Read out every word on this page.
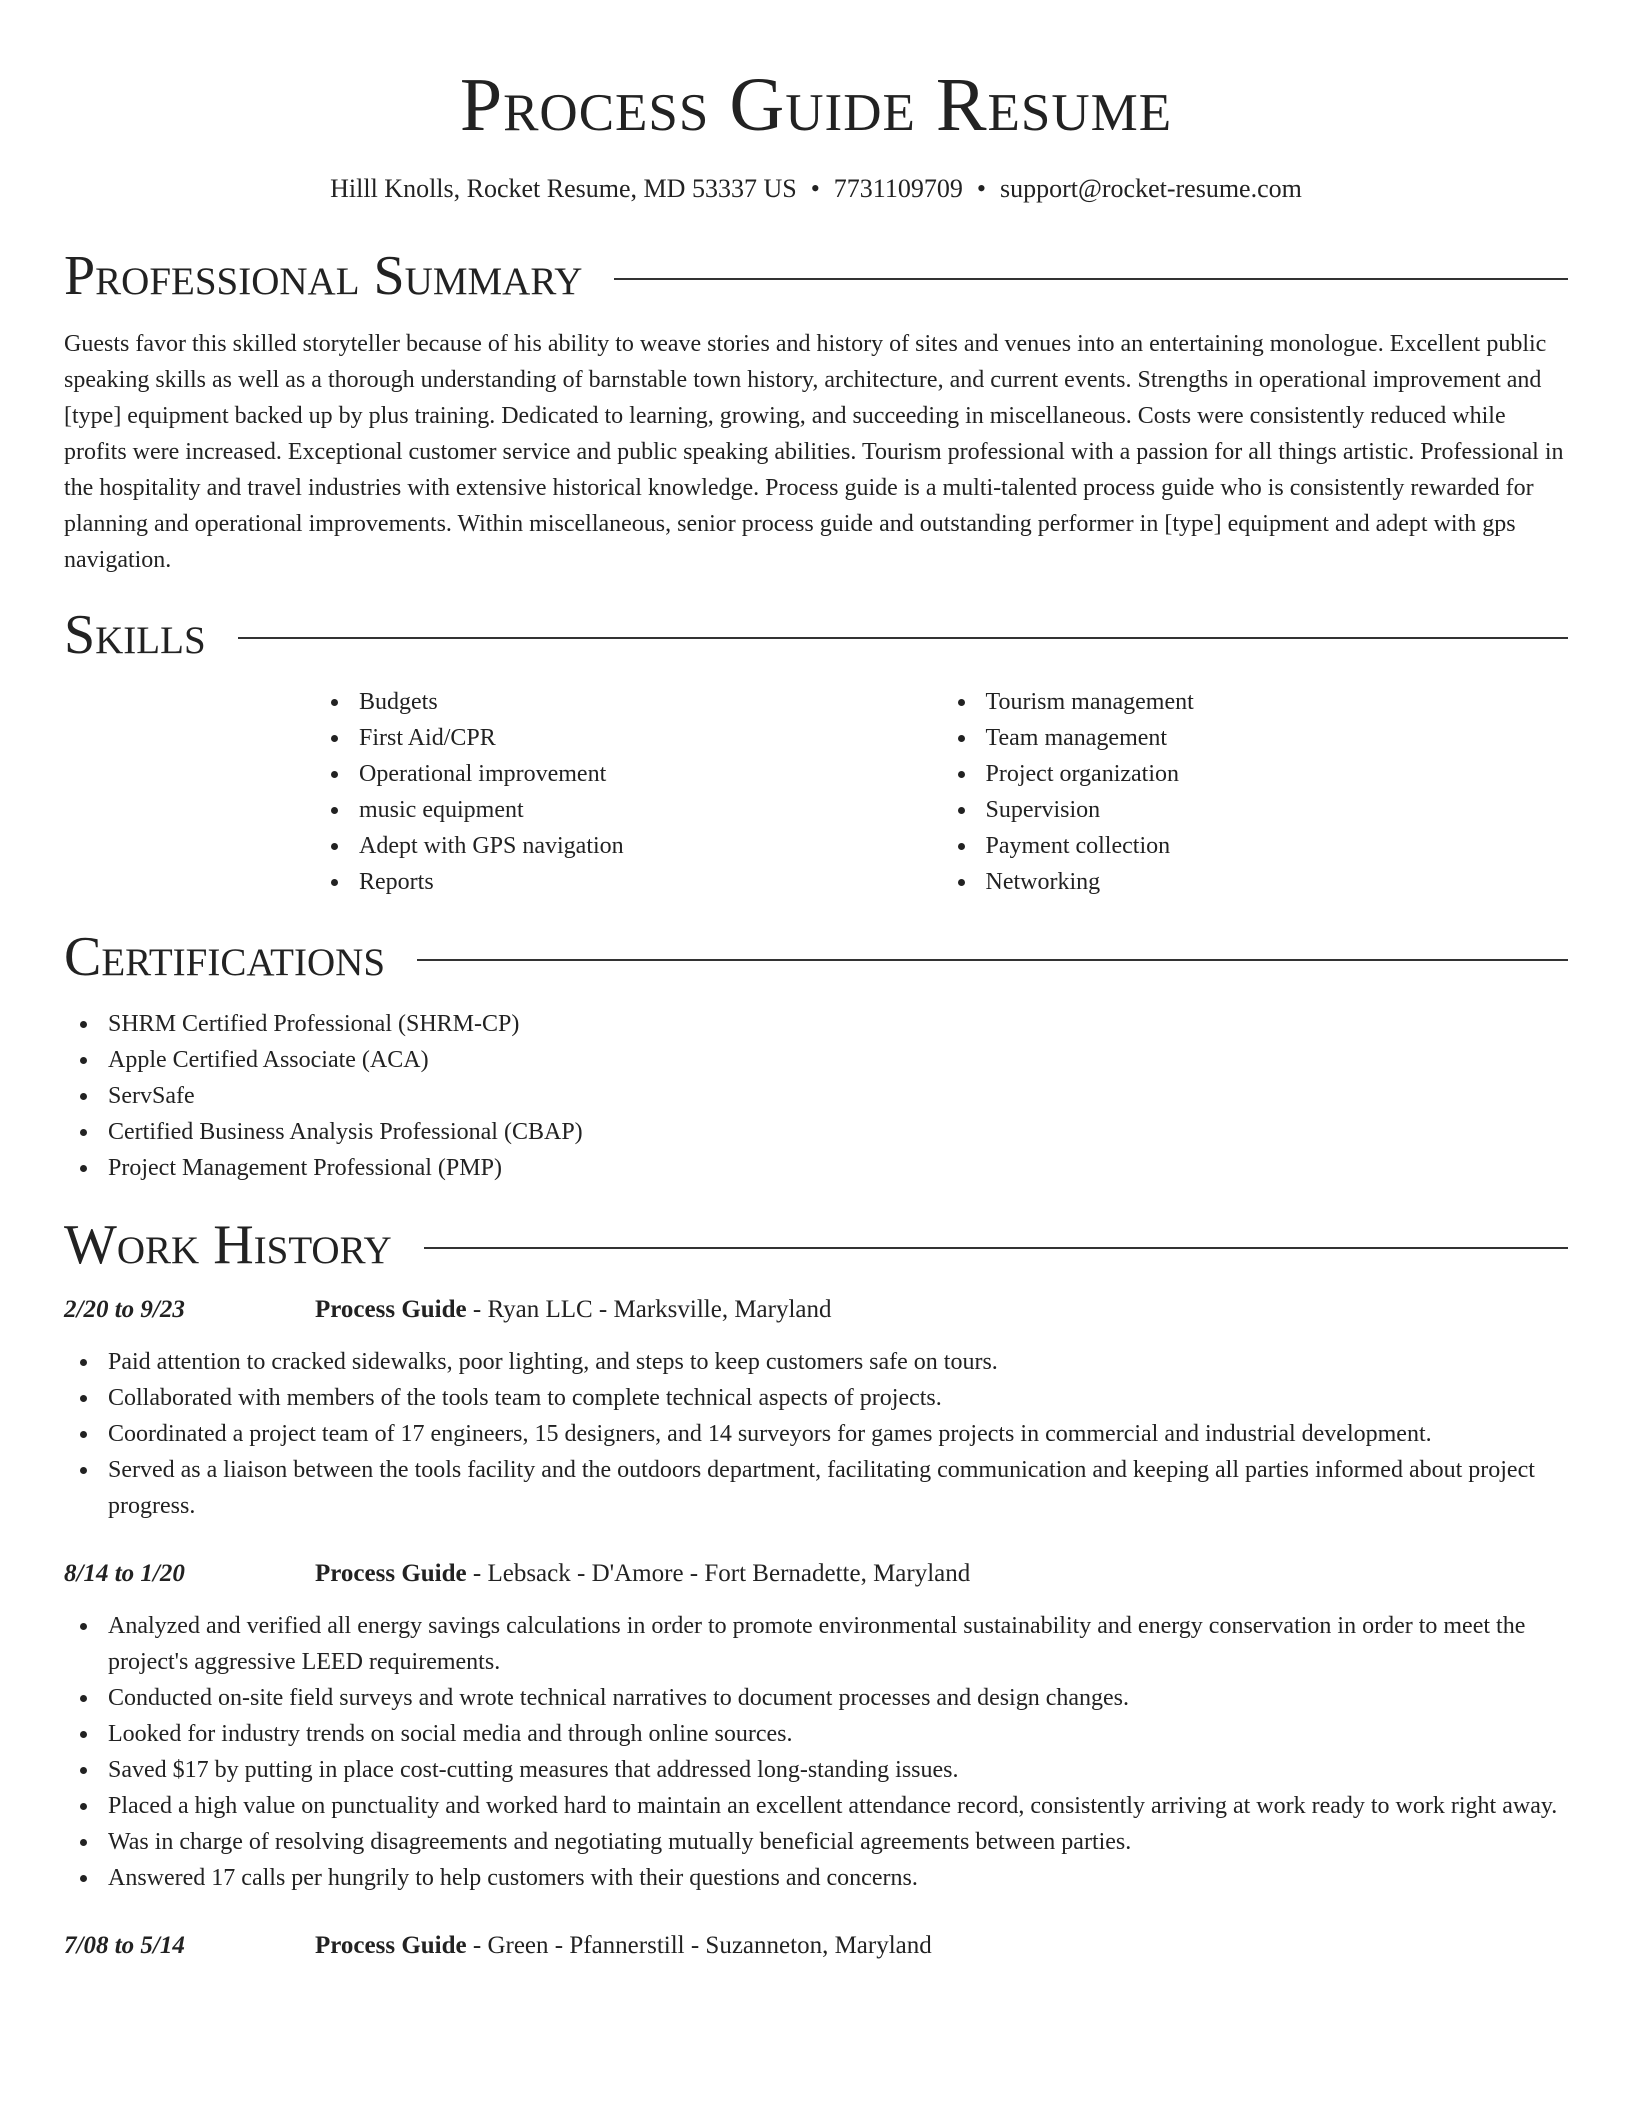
Process Guide Resume
Hilll Knolls, Rocket Resume, MD 53337 US • 7731109709 • support@rocket-resume.com
Professional Summary

Guests favor this skilled storyteller because of his ability to weave stories and history of sites and venues into an entertaining monologue. Excellent public speaking skills as well as a thorough understanding of barnstable town history, architecture, and current events. Strengths in operational improvement and [type] equipment backed up by plus training. Dedicated to learning, growing, and succeeding in miscellaneous. Costs were consistently reduced while profits were increased. Exceptional customer service and public speaking abilities. Tourism professional with a passion for all things artistic. Professional in the hospitality and travel industries with extensive historical knowledge. Process guide is a multi-talented process guide who is consistently rewarded for planning and operational improvements. Within miscellaneous, senior process guide and outstanding performer in [type] equipment and adept with gps navigation.

Skills
Budgets
First Aid/CPR
Operational improvement
music equipment
Adept with GPS navigation
Reports
Tourism management
Team management
Project organization
Supervision
Payment collection
Networking
Certifications
SHRM Certified Professional (SHRM-CP)
Apple Certified Associate (ACA)
ServSafe
Certified Business Analysis Professional (CBAP)
Project Management Professional (PMP)
Work History
2/20 to 9/23	Process Guide - Ryan LLC - Marksville, Maryland
Paid attention to cracked sidewalks, poor lighting, and steps to keep customers safe on tours.
Collaborated with members of the tools team to complete technical aspects of projects.
Coordinated a project team of 17 engineers, 15 designers, and 14 surveyors for games projects in commercial and industrial development.
Served as a liaison between the tools facility and the outdoors department, facilitating communication and keeping all parties informed about project progress.
8/14 to 1/20	Process Guide - Lebsack - D'Amore - Fort Bernadette, Maryland
Analyzed and verified all energy savings calculations in order to promote environmental sustainability and energy conservation in order to meet the project's aggressive LEED requirements.
Conducted on-site field surveys and wrote technical narratives to document processes and design changes.
Looked for industry trends on social media and through online sources.
Saved $17 by putting in place cost-cutting measures that addressed long-standing issues.
Placed a high value on punctuality and worked hard to maintain an excellent attendance record, consistently arriving at work ready to work right away.
Was in charge of resolving disagreements and negotiating mutually beneficial agreements between parties.
Answered 17 calls per hungrily to help customers with their questions and concerns.
7/08 to 5/14	Process Guide - Green - Pfannerstill - Suzanneton, Maryland
